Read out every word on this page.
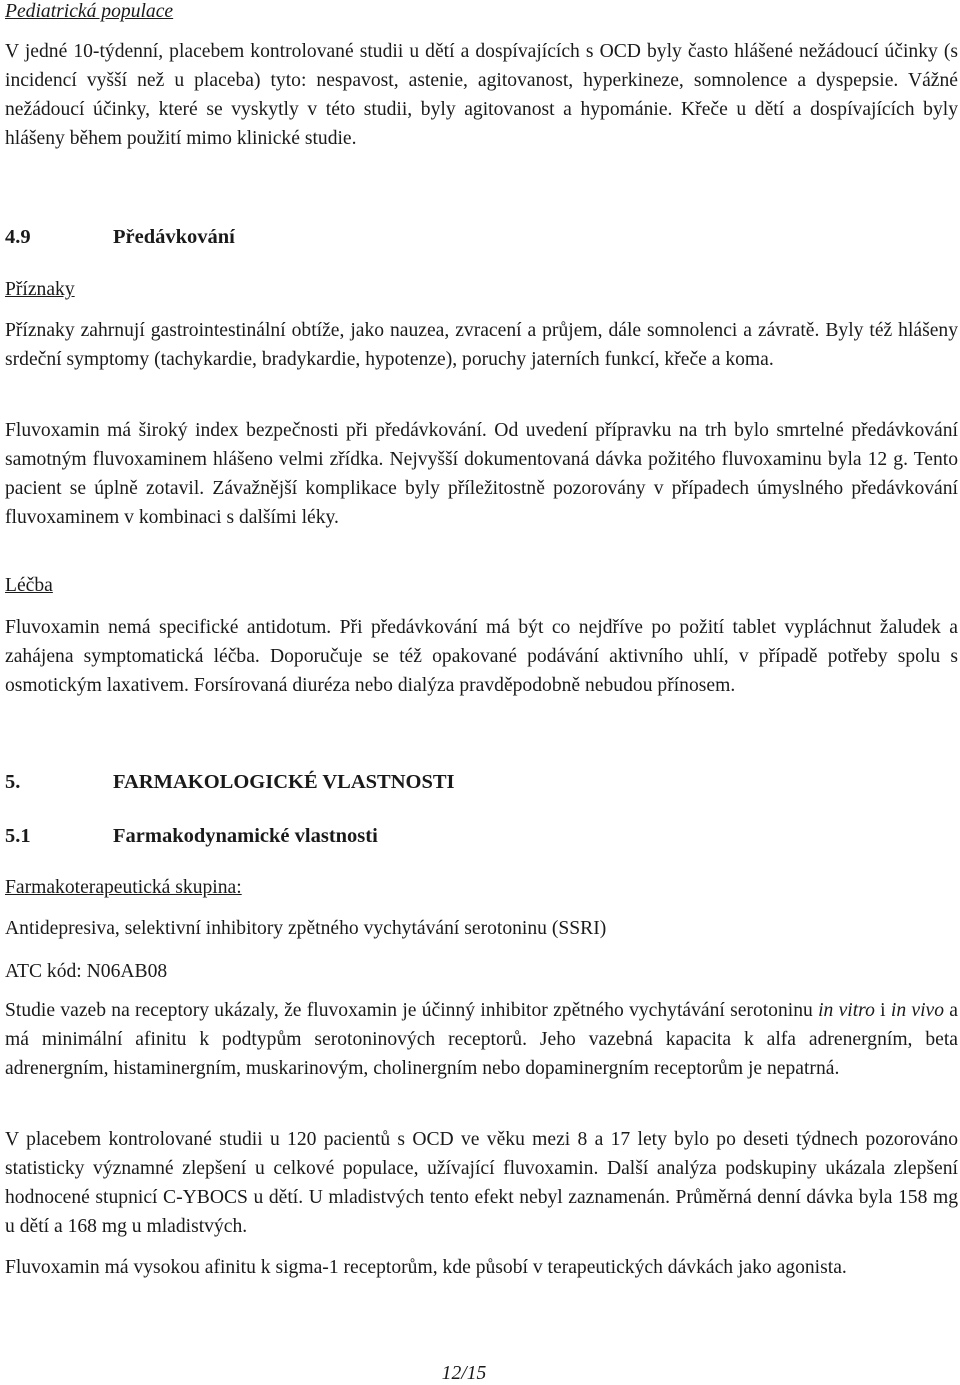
Pediatrická populace

V jedné 10-týdenní, placebem kontrolované studii u dětí a dospívajících s OCD byly často hlášené nežádoucí účinky (s incidencí vyšší než u placeba) tyto: nespavost, astenie, agitovanost, hyperkineze, somnolence a dyspepsie. Vážné nežádoucí účinky, které se vyskytly v této studii, byly agitovanost a hypománie. Křeče u dětí a dospívajících byly hlášeny během použití mimo klinické studie.

4.9	Předávkování
Příznaky

Příznaky zahrnují gastrointestinální obtíže, jako nauzea, zvracení a průjem, dále somnolenci a závratě. Byly též hlášeny srdeční symptomy (tachykardie, bradykardie, hypotenze), poruchy jaterních funkcí, křeče a koma.

Fluvoxamin má široký index bezpečnosti při předávkování. Od uvedení přípravku na trh bylo smrtelné předávkování samotným fluvoxaminem hlášeno velmi zřídka. Nejvyšší dokumentovaná dávka požitého fluvoxaminu byla 12 g. Tento pacient se úplně zotavil. Závažnější komplikace byly příležitostně pozorovány v případech úmyslného předávkování fluvoxaminem v kombinaci s dalšími léky.

Léčba

Fluvoxamin nemá specifické antidotum. Při předávkování má být co nejdříve po požití tablet vypláchnut žaludek a zahájena symptomatická léčba. Doporučuje se též opakované podávání aktivního uhlí, v případě potřeby spolu s osmotickým laxativem. Forsírovaná diuréza nebo dialýza pravděpodobně nebudou přínosem.

5.	FARMAKOLOGICKÉ VLASTNOSTI
5.1	Farmakodynamické vlastnosti
Farmakoterapeutická skupina:

Antidepresiva, selektivní inhibitory zpětného vychytávání serotoninu (SSRI)

ATC kód: N06AB08

Studie vazeb na receptory ukázaly, že fluvoxamin je účinný inhibitor zpětného vychytávání serotoninu in vitro i in vivo a má minimální afinitu k podtypům serotoninových receptorů. Jeho vazebná kapacita k alfa adrenergním, beta adrenergním, histaminergním, muskarinovým, cholinergním nebo dopaminergním receptorům je nepatrná.

V placebem kontrolované studii u 120 pacientů s OCD ve věku mezi 8 a 17 lety bylo po deseti týdnech pozorováno statisticky významné zlepšení u celkové populace, užívající fluvoxamin. Další analýza podskupiny ukázala zlepšení hodnocené stupnicí C-YBOCS u dětí. U mladistvých tento efekt nebyl zaznamenán. Průměrná denní dávka byla 158 mg u dětí a 168 mg u mladistvých.

Fluvoxamin má vysokou afinitu k sigma-1 receptorům, kde působí v terapeutických dávkách jako agonista.

12/15
